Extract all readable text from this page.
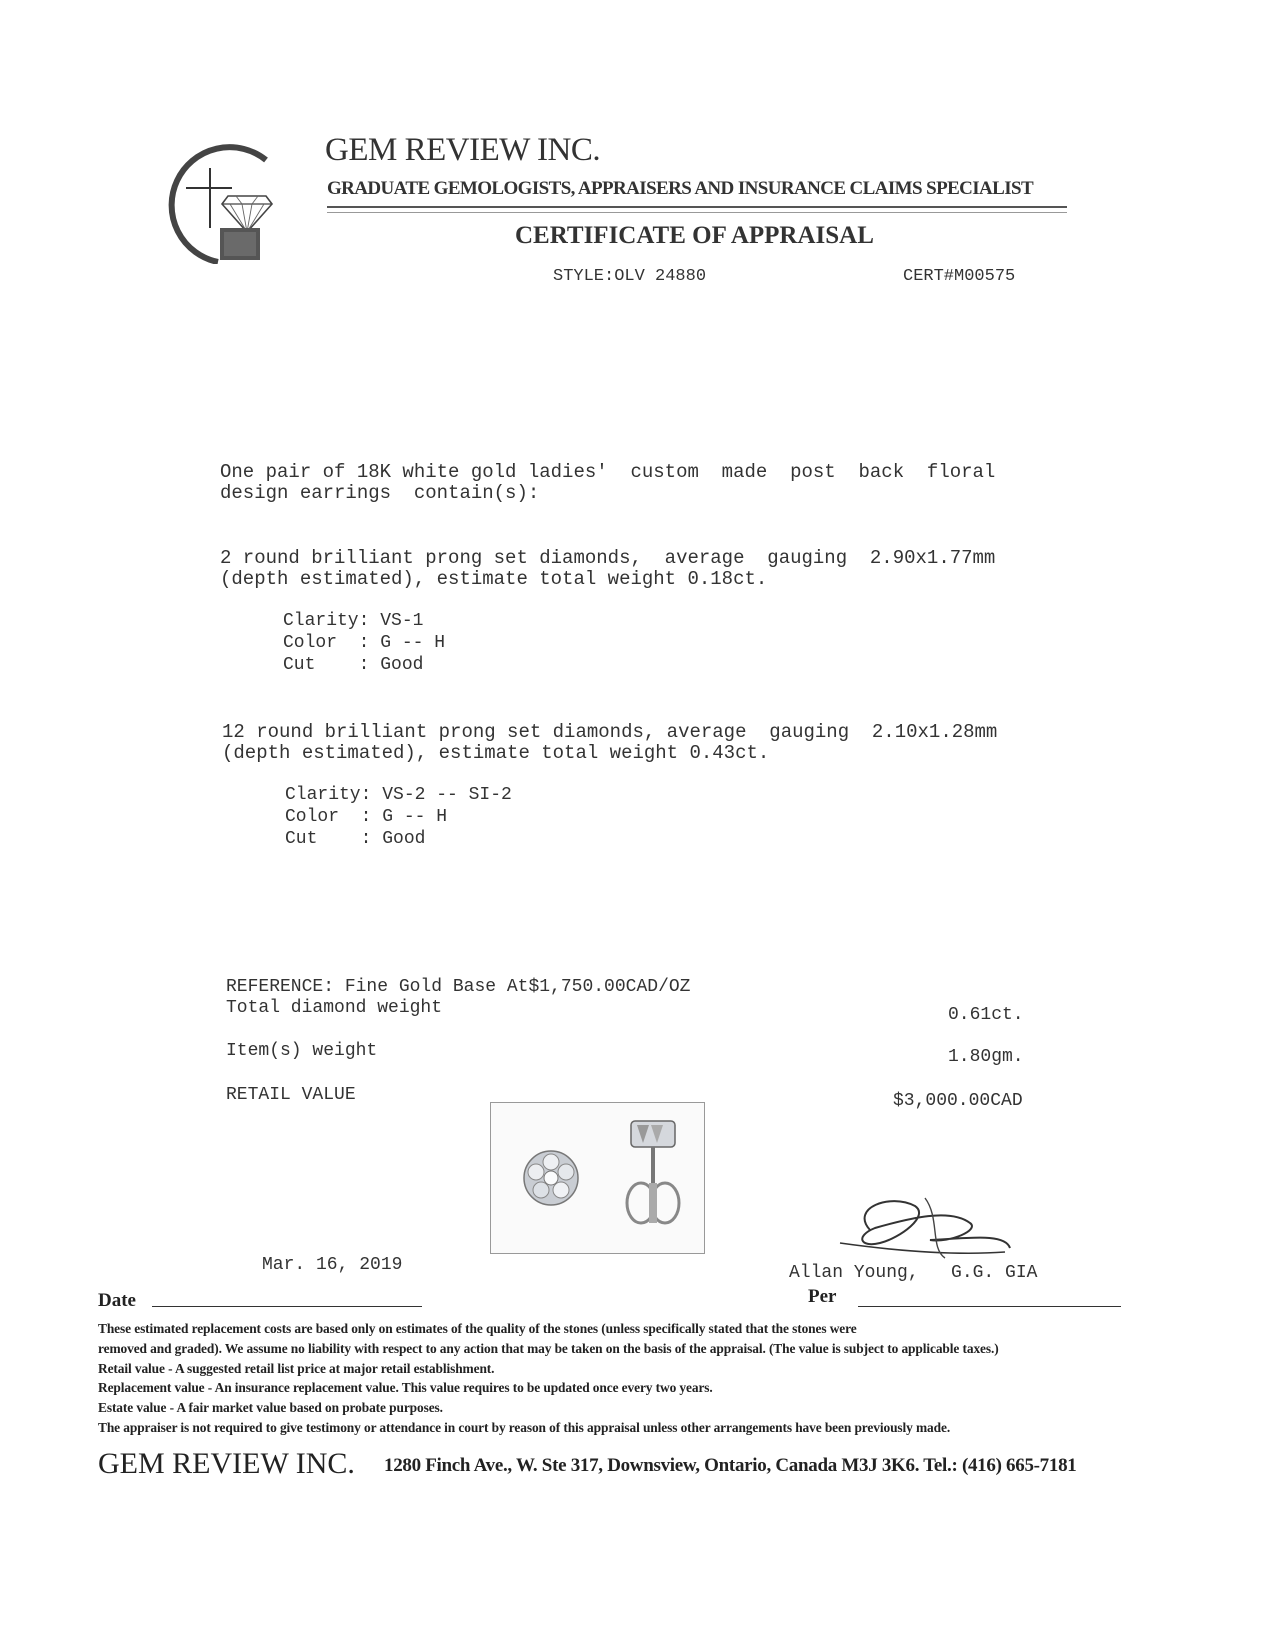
GEM REVIEW INC.
GRADUATE GEMOLOGISTS, APPRAISERS AND INSURANCE CLAIMS SPECIALIST
CERTIFICATE OF APPRAISAL
STYLE:OLV 24880	CERT#M00575
One pair of 18K white gold ladies'  custom  made  post  back  floral
design earrings  contain(s):
2 round brilliant prong set diamonds,  average  gauging  2.90x1.77mm
(depth estimated), estimate total weight 0.18ct.
Clarity: VS-1
Color  : G -- H
Cut    : Good
12 round brilliant prong set diamonds, average  gauging  2.10x1.28mm
(depth estimated), estimate total weight 0.43ct.
Clarity: VS-2 -- SI-2
Color  : G -- H
Cut    : Good
REFERENCE: Fine Gold Base At$1,750.00CAD/OZ
Total diamond weight	0.61ct.
Item(s) weight	1.80gm.
RETAIL VALUE	$3,000.00CAD
Mar. 16, 2019
Date
Allan Young,   G.G. GIA
Per
These estimated replacement costs are based only on estimates of the quality of the stones (unless specifically stated that the stones were
removed and graded). We assume no liability with respect to any action that may be taken on the basis of the appraisal. (The value is subject to applicable taxes.)
Retail value - A suggested retail list price at major retail establishment.
Replacement value - An insurance replacement value. This value requires to be updated once every two years.
Estate value - A fair market value based on probate purposes.
The appraiser is not required to give testimony or attendance in court by reason of this appraisal unless other arrangements have been previously made.
GEM REVIEW INC. 1280 Finch Ave., W. Ste 317, Downsview, Ontario, Canada M3J 3K6. Tel.: (416) 665-7181
